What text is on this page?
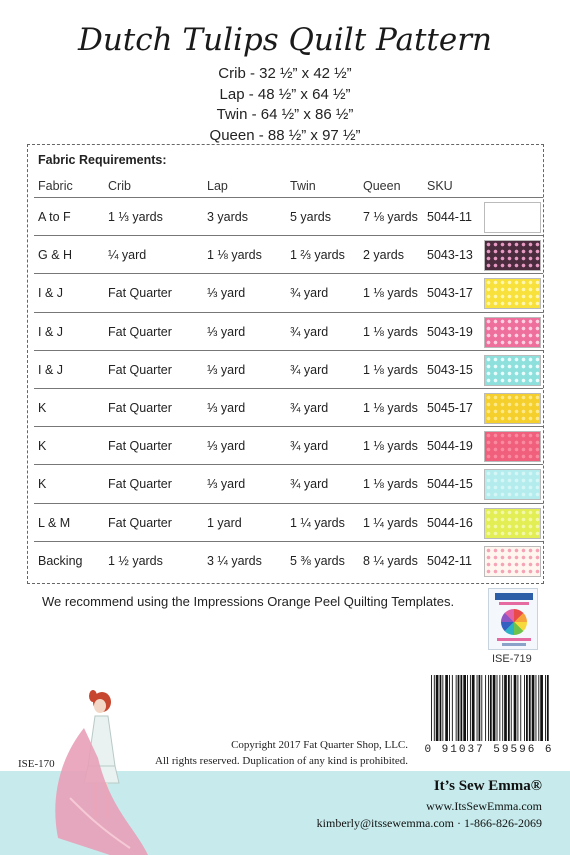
Dutch Tulips Quilt Pattern
Crib - 32 ½” x 42 ½”
Lap - 48 ½” x 64 ½”
Twin - 64 ½” x 86 ½”
Queen - 88 ½” x 97 ½”
Fabric Requirements:
Fabric	Crib	Lap	Twin	Queen SKU
A to F	1 ⅓ yards	3 yards	5 yards	7 ⅛ yards 5044-11
G & H	¼ yard	1 ⅛ yards 1 ⅔ yards 2 yards 5043-13
I & J	Fat Quarter	⅓ yard	¾ yard	1 ⅛ yards 5043-17
I & J	Fat Quarter	⅓ yard	¾ yard	1 ⅛ yards 5043-19
I & J	Fat Quarter	⅓ yard	¾ yard	1 ⅛ yards 5043-15
K	Fat Quarter	⅓ yard	¾ yard	1 ⅛ yards 5045-17
K	Fat Quarter	⅓ yard	¾ yard	1 ⅛ yards 5044-19
K	Fat Quarter	⅓ yard	¾ yard	1 ⅛ yards 5044-15
L & M	Fat Quarter	1 yard	1 ¼ yards 1 ¼ yards 5044-16
Backing 1 ½ yards	3 ¼ yards 5 ⅜ yards 8 ¼ yards 5042-11
We recommend using the Impressions Orange Peel Quilting Templates.
ISE-719
0 91037 59596 6
Copyright 2017 Fat Quarter Shop, LLC.
All rights reserved. Duplication of any kind is prohibited.
ISE-170
It’s Sew Emma®
www.ItsSewEmma.com
kimberly@itssewemma.com · 1-866-826-2069
